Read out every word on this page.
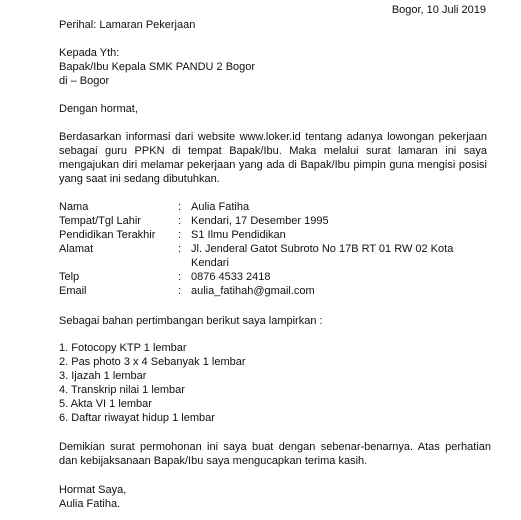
Bogor, 10 Juli 2019
Perihal: Lamaran Pekerjaan
Kepada Yth:
Bapak/Ibu Kepala SMK PANDU 2 Bogor
di – Bogor
Dengan hormat,
Berdasarkan informasi dari website www.loker.id tentang adanya lowongan pekerjaan sebagai guru PPKN di tempat Bapak/Ibu. Maka melalui surat lamaran ini saya mengajukan diri melamar pekerjaan yang ada di Bapak/Ibu pimpin guna mengisi posisi yang saat ini sedang dibutuhkan.
Nama	: Aulia Fatiha
Tempat/Tgl Lahir	: Kendari, 17 Desember 1995
Pendidikan Terakhir : S1 Ilmu Pendidikan
Alamat	: Jl. Jenderal Gatot Subroto No 17B RT 01 RW 02 Kota
Kendari
Telp	: 0876 4533 2418
Email	: aulia_fatihah@gmail.com
Sebagai bahan pertimbangan berikut saya lampirkan :
1. Fotocopy KTP 1 lembar
2. Pas photo 3 x 4 Sebanyak 1 lembar
3. Ijazah 1 lembar
4. Transkrip nilai 1 lembar
5. Akta VI 1 lembar
6. Daftar riwayat hidup 1 lembar
Demikian surat permohonan ini saya buat dengan sebenar-benarnya. Atas perhatian dan kebijaksanaan Bapak/Ibu saya mengucapkan terima kasih.
Hormat Saya,
Aulia Fatiha.
